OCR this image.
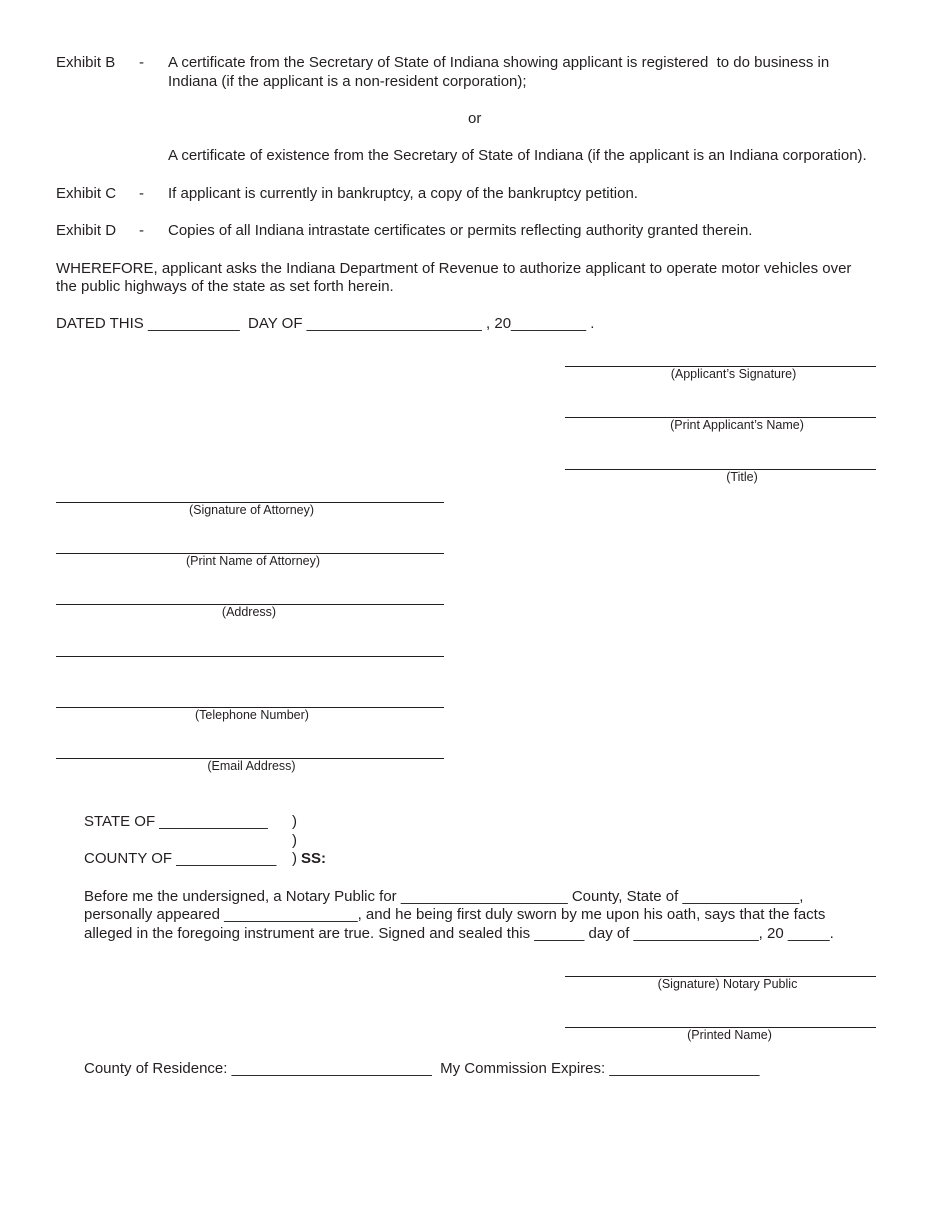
Exhibit B - A certificate from the Secretary of State of Indiana showing applicant is registered  to do business in
Indiana (if the applicant is a non-resident corporation);
or
A certificate of existence from the Secretary of State of Indiana (if the applicant is an Indiana corporation).
Exhibit C - If applicant is currently in bankruptcy, a copy of the bankruptcy petition.
Exhibit D - Copies of all Indiana intrastate certificates or permits reflecting authority granted therein.
WHEREFORE, applicant asks the Indiana Department of Revenue to authorize applicant to operate motor vehicles over
the public highways of the state as set forth herein.
DATED THIS ___________  DAY OF _____________________ , 20_________ .
(Applicant’s Signature)
(Print Applicant’s Name)
(Title)
(Signature of Attorney)
(Print Name of Attorney)
(Address)
(Telephone Number)
(Email Address)
STATE OF _____________ )
)
COUNTY OF ____________ ) SS:
Before me the undersigned, a Notary Public for ____________________ County, State of ______________,
personally appeared ________________, and he being first duly sworn by me upon his oath, says that the facts
alleged in the foregoing instrument are true. Signed and sealed this ______ day of _______________, 20 _____.
(Signature) Notary Public
(Printed Name)
County of Residence: ________________________  My Commission Expires: __________________
